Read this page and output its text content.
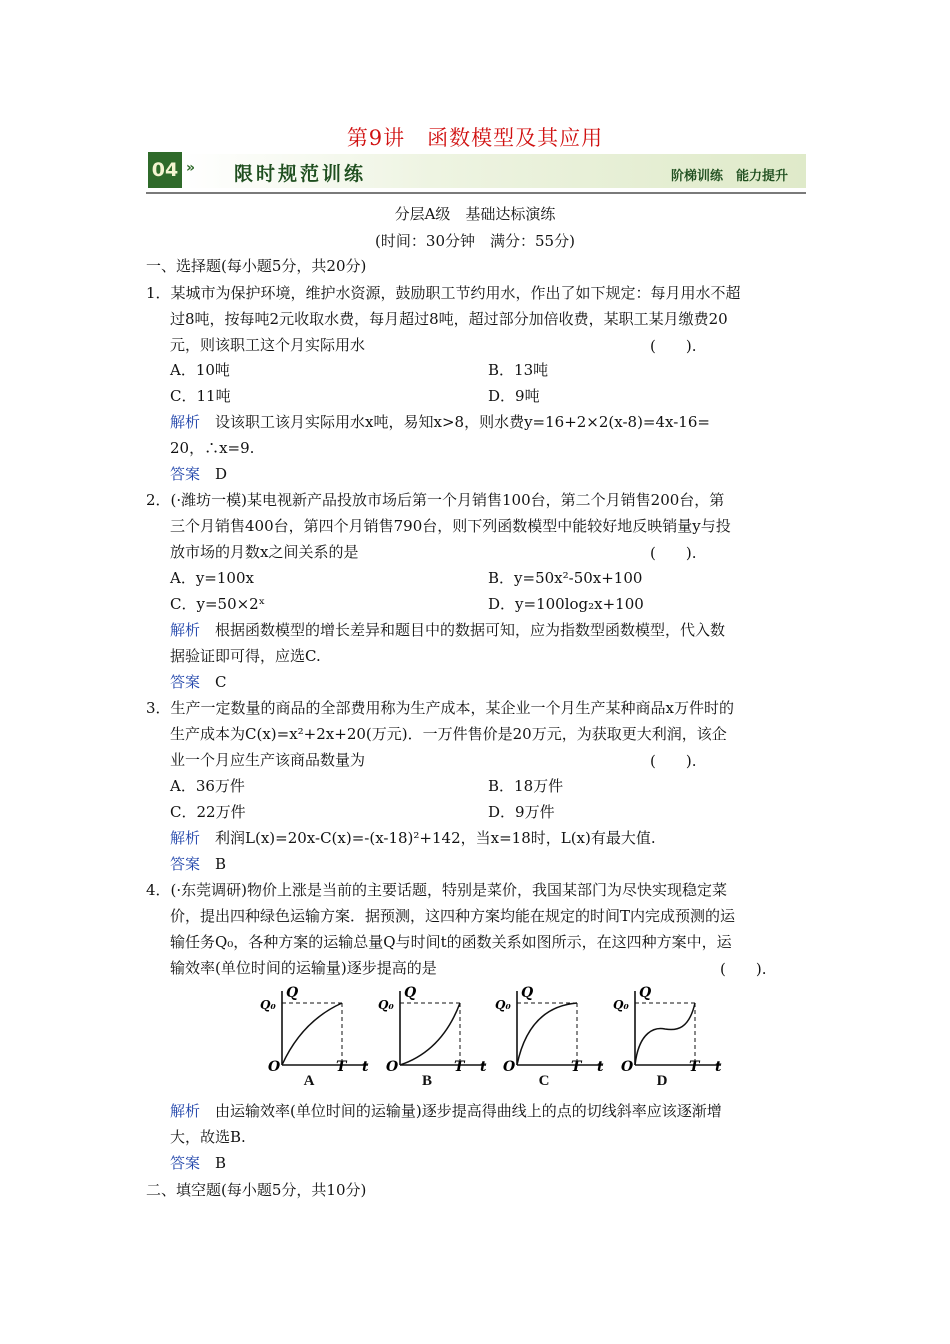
第9讲　函数模型及其应用
04 » 限时规范训练	阶梯训练　能力提升
分层A级　基础达标演练
(时间：30分钟　满分：55分)
一、选择题(每小题5分，共20分)
1．某城市为保护环境，维护水资源，鼓励职工节约用水，作出了如下规定：每月用水不超
过8吨，按每吨2元收取水费，每月超过8吨，超过部分加倍收费，某职工某月缴费20
元，则该职工这个月实际用水	(　　).
A．10吨	B．13吨
C．11吨	D．9吨
解析　 设该职工该月实际用水x吨，易知x>8，则水费y=16+2×2(x-8)=4x-16=
20，∴x=9.
答案　 D
2．(·潍坊一模)某电视新产品投放市场后第一个月销售100台，第二个月销售200台，第
三个月销售400台，第四个月销售790台，则下列函数模型中能较好地反映销量y与投
放市场的月数x之间关系的是	(　　).
A．y=100x	B．y=50x²-50x+100
C．y=50×2ˣ	D．y=100log₂x+100
解析　 根据函数模型的增长差异和题目中的数据可知，应为指数型函数模型，代入数
据验证即可得，应选C.
答案　 C
3．生产一定数量的商品的全部费用称为生产成本，某企业一个月生产某种商品x万件时的
生产成本为C(x)=x²+2x+20(万元)．一万件售价是20万元，为获取更大利润，该企
业一个月应生产该商品数量为	(　　).
A．36万件	B．18万件
C．22万件	D．9万件
解析　 利润L(x)=20x-C(x)=-(x-18)²+142，当x=18时，L(x)有最大值.
答案　 B
4．(·东莞调研)物价上涨是当前的主要话题，特别是菜价，我国某部门为尽快实现稳定菜
价，提出四种绿色运输方案．据预测，这四种方案均能在规定的时间T内完成预测的运
输任务Q₀，各种方案的运输总量Q与时间t的函数关系如图所示，在这四种方案中，运
输效率(单位时间的运输量)逐步提高的是	(　　).
Q₀
Q
O	T t
A
Q₀
Q
O	T t
B
Q₀
Q
O	T t
C
Q₀
Q
O	T t
D
解析　 由运输效率(单位时间的运输量)逐步提高得曲线上的点的切线斜率应该逐渐增
大，故选B.
答案　 B
二、填空题(每小题5分，共10分)
